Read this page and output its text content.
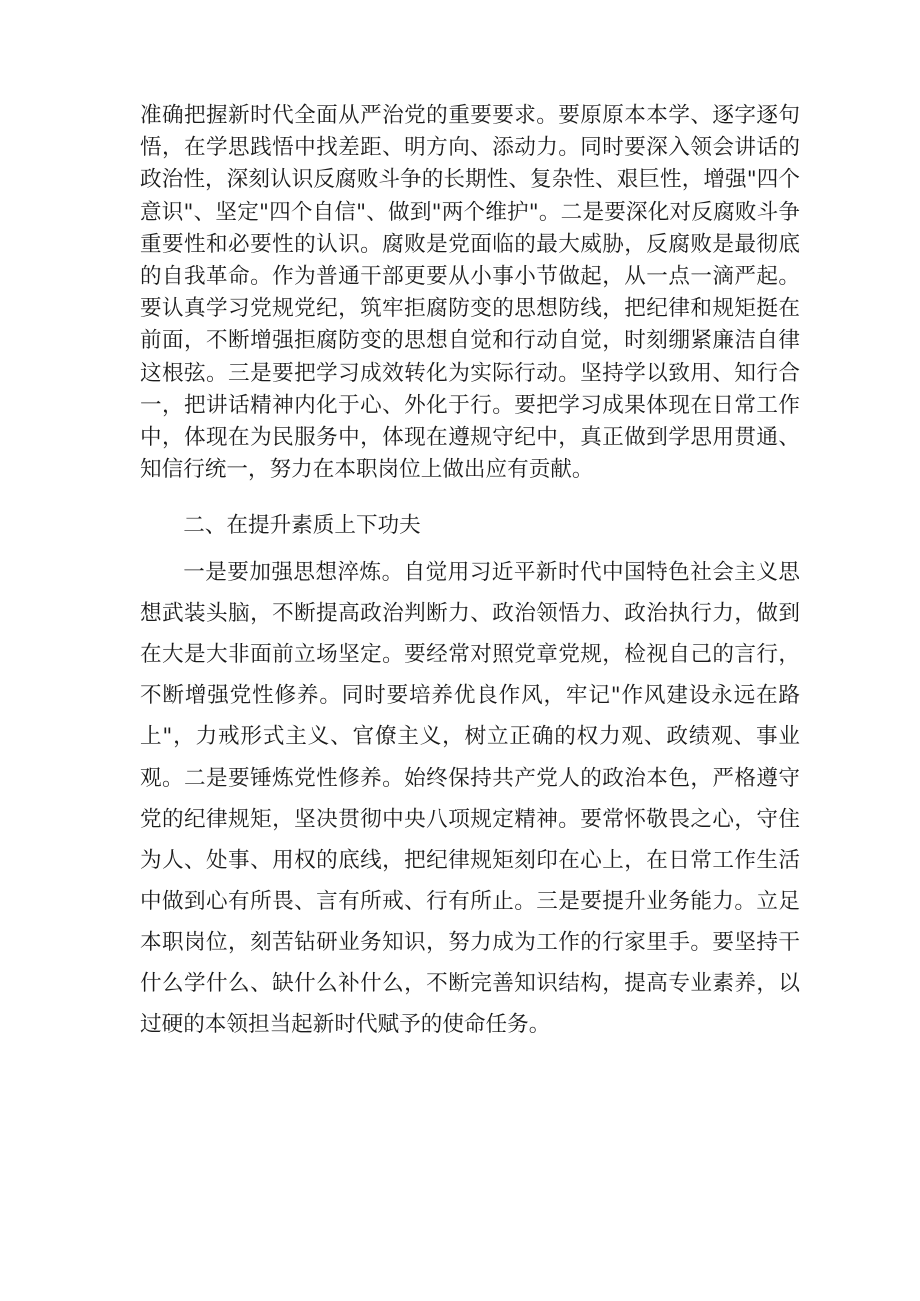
准确把握新时代全面从严治党的重要要求。要原原本本学、逐字逐句悟，在学思践悟中找差距、明方向、添动力。同时要深入领会讲话的政治性，深刻认识反腐败斗争的长期性、复杂性、艰巨性，增强"四个意识"、坚定"四个自信"、做到"两个维护"。二是要深化对反腐败斗争重要性和必要性的认识。腐败是党面临的最大威胁，反腐败是最彻底的自我革命。作为普通干部更要从小事小节做起，从一点一滴严起。要认真学习党规党纪，筑牢拒腐防变的思想防线，把纪律和规矩挺在前面，不断增强拒腐防变的思想自觉和行动自觉，时刻绷紧廉洁自律这根弦。三是要把学习成效转化为实际行动。坚持学以致用、知行合一，把讲话精神内化于心、外化于行。要把学习成果体现在日常工作中，体现在为民服务中，体现在遵规守纪中，真正做到学思用贯通、知信行统一，努力在本职岗位上做出应有贡献。

二、在提升素质上下功夫

一是要加强思想淬炼。自觉用习近平新时代中国特色社会主义思想武装头脑，不断提高政治判断力、政治领悟力、政治执行力，做到在大是大非面前立场坚定。要经常对照党章党规，检视自己的言行，不断增强党性修养。同时要培养优良作风，牢记"作风建设永远在路上"，力戒形式主义、官僚主义，树立正确的权力观、政绩观、事业观。二是要锤炼党性修养。始终保持共产党人的政治本色，严格遵守党的纪律规矩，坚决贯彻中央八项规定精神。要常怀敬畏之心，守住为人、处事、用权的底线，把纪律规矩刻印在心上，在日常工作生活中做到心有所畏、言有所戒、行有所止。三是要提升业务能力。立足本职岗位，刻苦钻研业务知识，努力成为工作的行家里手。要坚持干什么学什么、缺什么补什么，不断完善知识结构，提高专业素养，以过硬的本领担当起新时代赋予的使命任务。
